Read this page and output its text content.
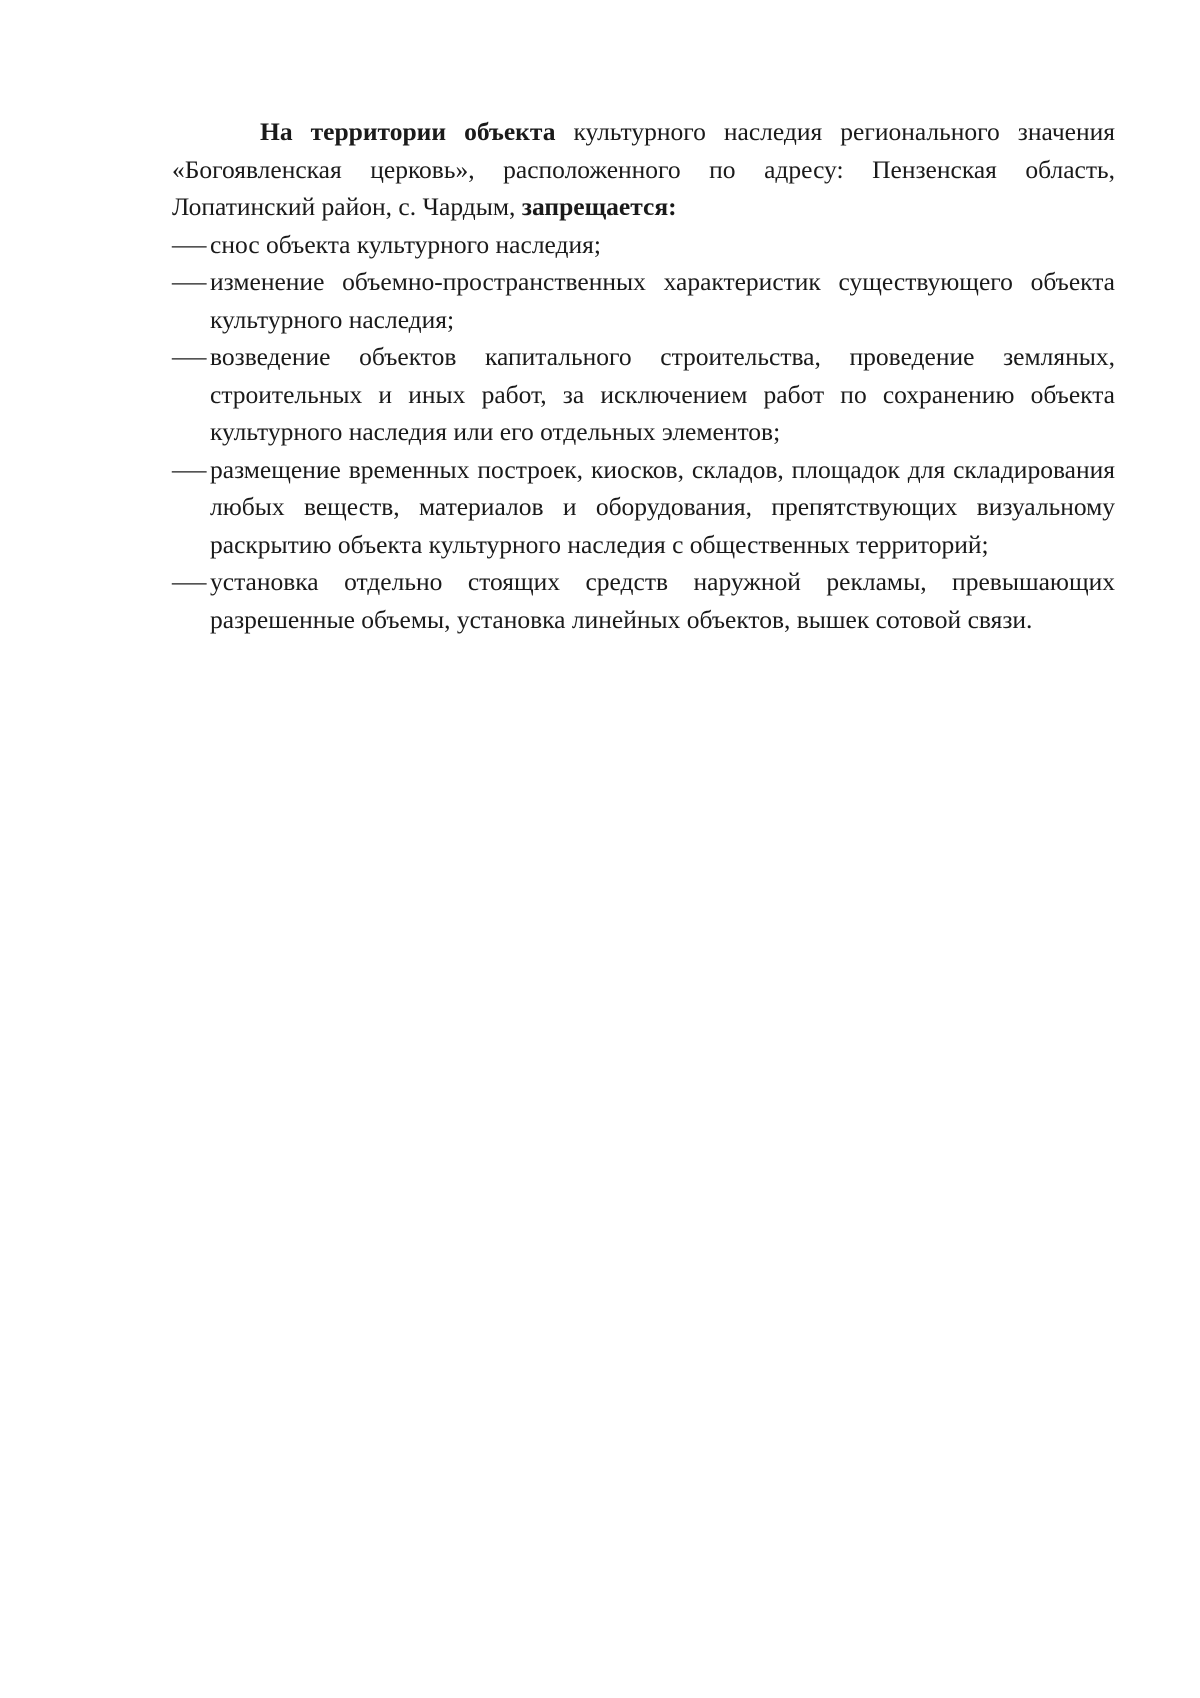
На территории объекта культурного наследия регионального значения «Богоявленская церковь», расположенного по адресу: Пензенская область, Лопатинский район, с. Чардым, запрещается:

—
снос объекта культурного наследия;
—
изменение объемно-пространственных характеристик существующего объекта культурного наследия;
—
возведение объектов капитального строительства, проведение земляных, строительных и иных работ, за исключением работ по сохранению объекта культурного наследия или его отдельных элементов;
—
размещение временных построек, киосков, складов, площадок для складирования любых веществ, материалов и оборудования, препятствующих визуальному раскрытию объекта культурного наследия с общественных территорий;
—
установка отдельно стоящих средств наружной рекламы, превышающих разрешенные объемы, установка линейных объектов, вышек сотовой связи.
